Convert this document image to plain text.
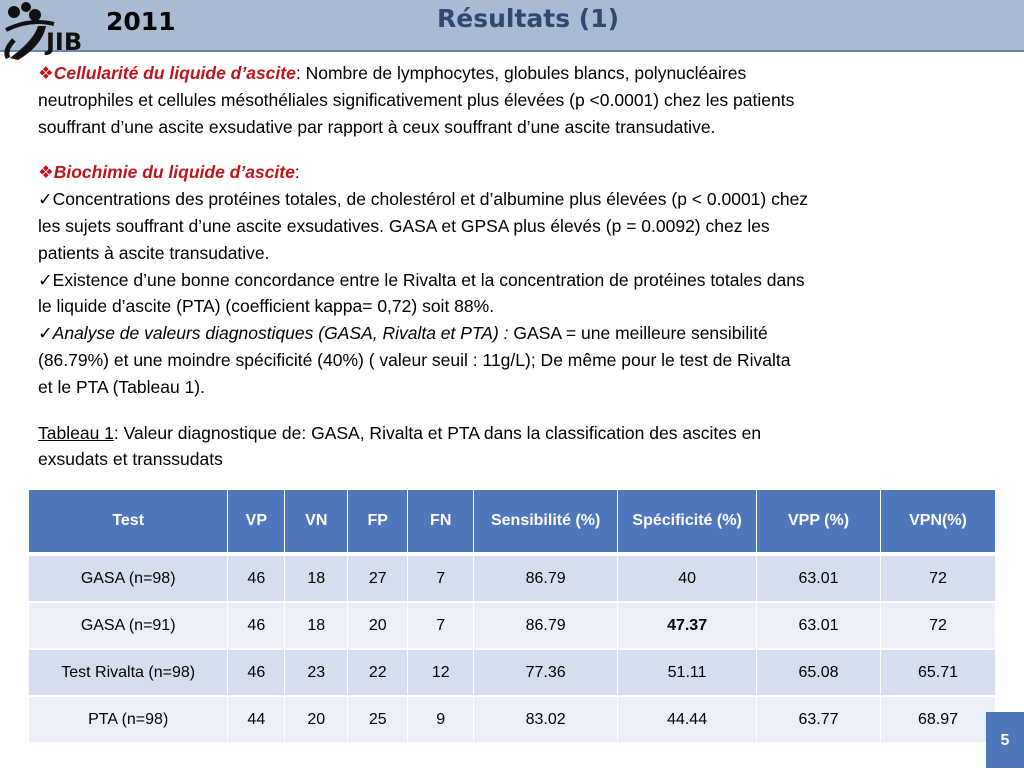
JIB
2011	Résultats (1)

❖Cellularité du liquide d’ascite: Nombre de lymphocytes, globules blancs, polynucléaires
neutrophiles et cellules mésothéliales significativement plus élevées (p <0.0001) chez les patients
souffrant d’une ascite exsudative par rapport à ceux souffrant d’une ascite transudative.

❖Biochimie du liquide d’ascite:

✓Concentrations des protéines totales, de cholestérol et d’albumine plus élevées (p < 0.0001) chez
les sujets souffrant d’une ascite exsudatives. GASA et GPSA plus élevés (p = 0.0092) chez les
patients à ascite transudative.

✓Existence d’une bonne concordance entre le Rivalta et la concentration de protéines totales dans
le liquide d’ascite (PTA) (coefficient kappa= 0,72) soit 88%.

✓Analyse de valeurs diagnostiques (GASA, Rivalta et PTA) : GASA = une meilleure sensibilité
(86.79%) et une moindre spécificité (40%) ( valeur seuil : 11g/L); De même pour le test de Rivalta
et le PTA (Tableau 1).

Tableau 1: Valeur diagnostique de: GASA, Rivalta et PTA dans la classification des ascites en
exsudats et transsudats

Test	VP	VN	FP	FN	Sensibilité (%)	Spécificité (%)	VPP (%)	VPN(%)
GASA (n=98)	46	18	27	7	86.79	40	63.01	72
GASA (n=91)	46	18	20	7	86.79	47.37	63.01	72
Test Rivalta (n=98)	46	23	22	12	77.36	51.11	65.08	65.71
PTA (n=98)	44	20	25	9	83.02	44.44	63.77	68.97
5
